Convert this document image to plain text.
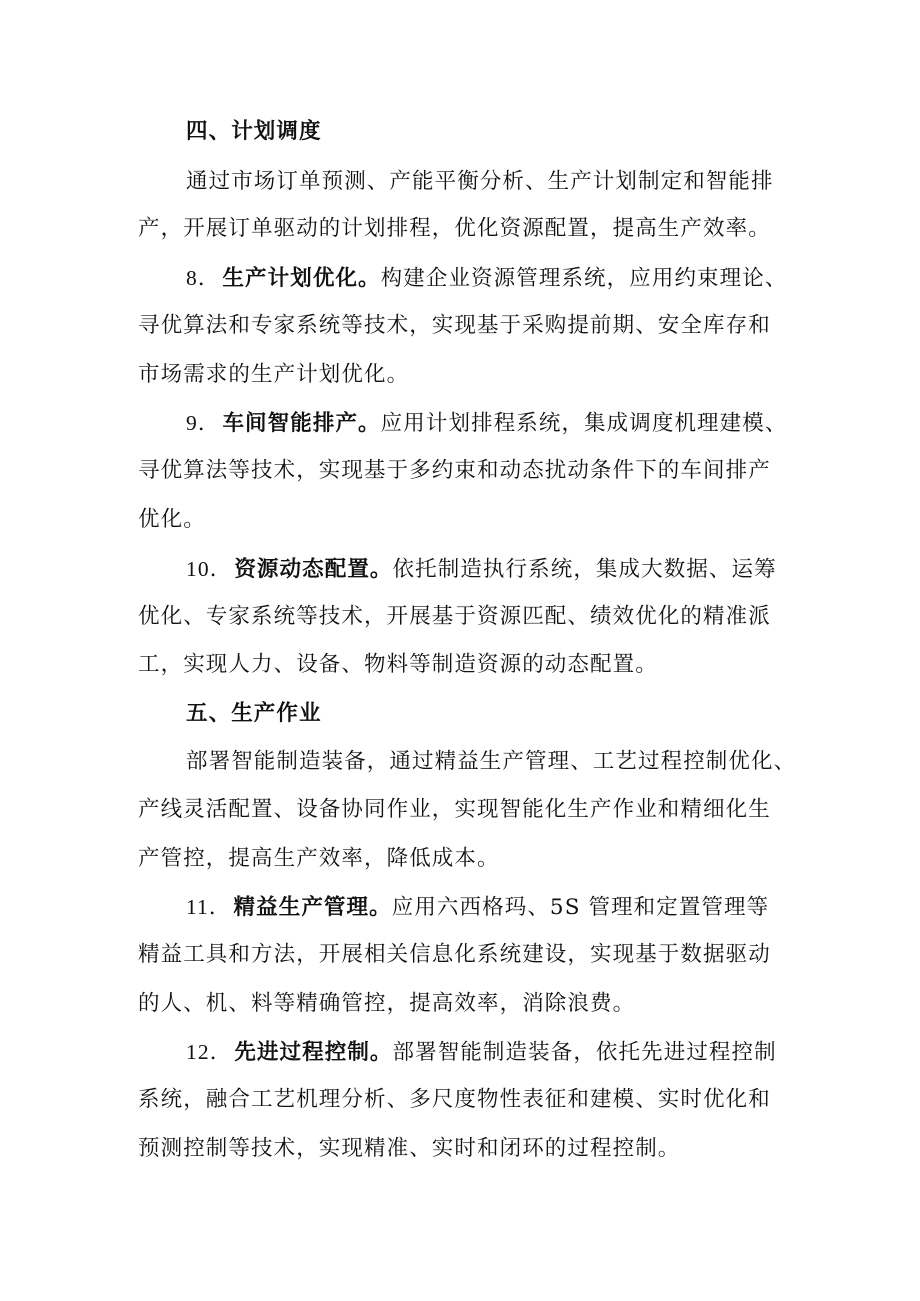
四、计划调度
通过市场订单预测、产能平衡分析、生产计划制定和智能排
产，开展订单驱动的计划排程，优化资源配置，提高生产效率。
8．生产计划优化。构建企业资源管理系统，应用约束理论、
寻优算法和专家系统等技术，实现基于采购提前期、安全库存和
市场需求的生产计划优化。
9．车间智能排产。应用计划排程系统，集成调度机理建模、
寻优算法等技术，实现基于多约束和动态扰动条件下的车间排产
优化。
10．资源动态配置。依托制造执行系统，集成大数据、运筹
优化、专家系统等技术，开展基于资源匹配、绩效优化的精准派
工，实现人力、设备、物料等制造资源的动态配置。
五、生产作业
部署智能制造装备，通过精益生产管理、工艺过程控制优化、
产线灵活配置、设备协同作业，实现智能化生产作业和精细化生
产管控，提高生产效率，降低成本。
11．精益生产管理。应用六西格玛、5S 管理和定置管理等
精益工具和方法，开展相关信息化系统建设，实现基于数据驱动
的人、机、料等精确管控，提高效率，消除浪费。
12．先进过程控制。部署智能制造装备，依托先进过程控制
系统，融合工艺机理分析、多尺度物性表征和建模、实时优化和
预测控制等技术，实现精准、实时和闭环的过程控制。
